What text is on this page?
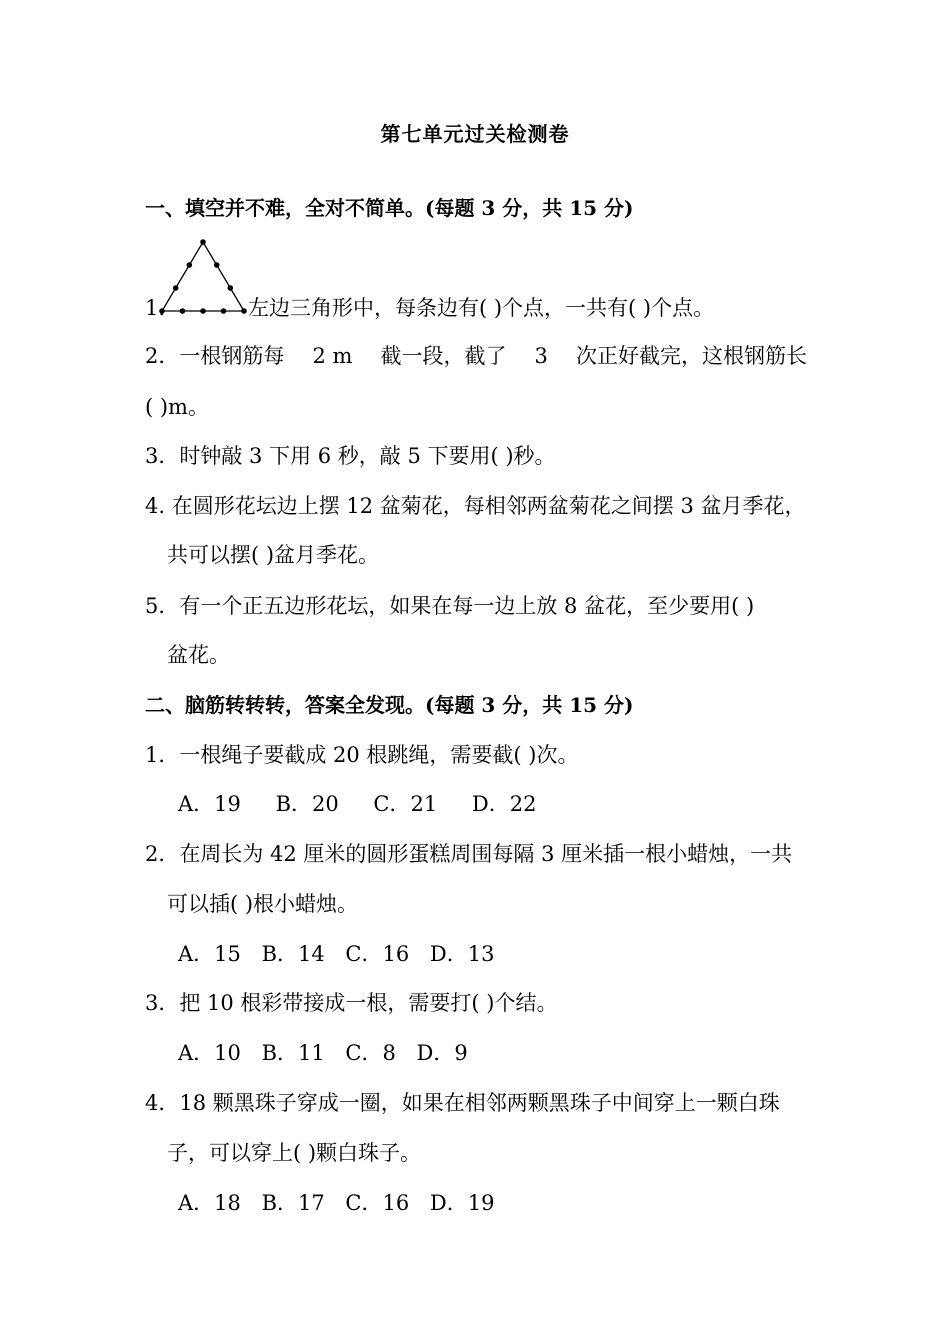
第七单元过关检测卷
一、填空并不难，全对不简单。(每题 3 分，共 15 分)
1.	左边三角形中，每条边有( )个点，一共有( )个点。
2．一根钢筋每 2 m 截一段，截了 3 次正好截完，这根钢筋长
( )m。
3．时钟敲 3 下用 6 秒，敲 5 下要用( )秒。
4. 在圆形花坛边上摆 12 盆菊花，每相邻两盆菊花之间摆 3 盆月季花，
共可以摆( )盆月季花。
5．有一个正五边形花坛，如果在每一边上放 8 盆花，至少要用( )
盆花。
二、脑筋转转转，答案全发现。(每题 3 分，共 15 分)
1．一根绳子要截成 20 根跳绳，需要截( )次。
A．19 B．20 C．21 D．22
2．在周长为 42 厘米的圆形蛋糕周围每隔 3 厘米插一根小蜡烛，一共
可以插( )根小蜡烛。
A．15 B．14 C．16 D．13
3．把 10 根彩带接成一根，需要打( )个结。
A．10 B．11 C．8 D．9
4．18 颗黑珠子穿成一圈，如果在相邻两颗黑珠子中间穿上一颗白珠
子，可以穿上( )颗白珠子。
A．18 B．17 C．16 D．19
